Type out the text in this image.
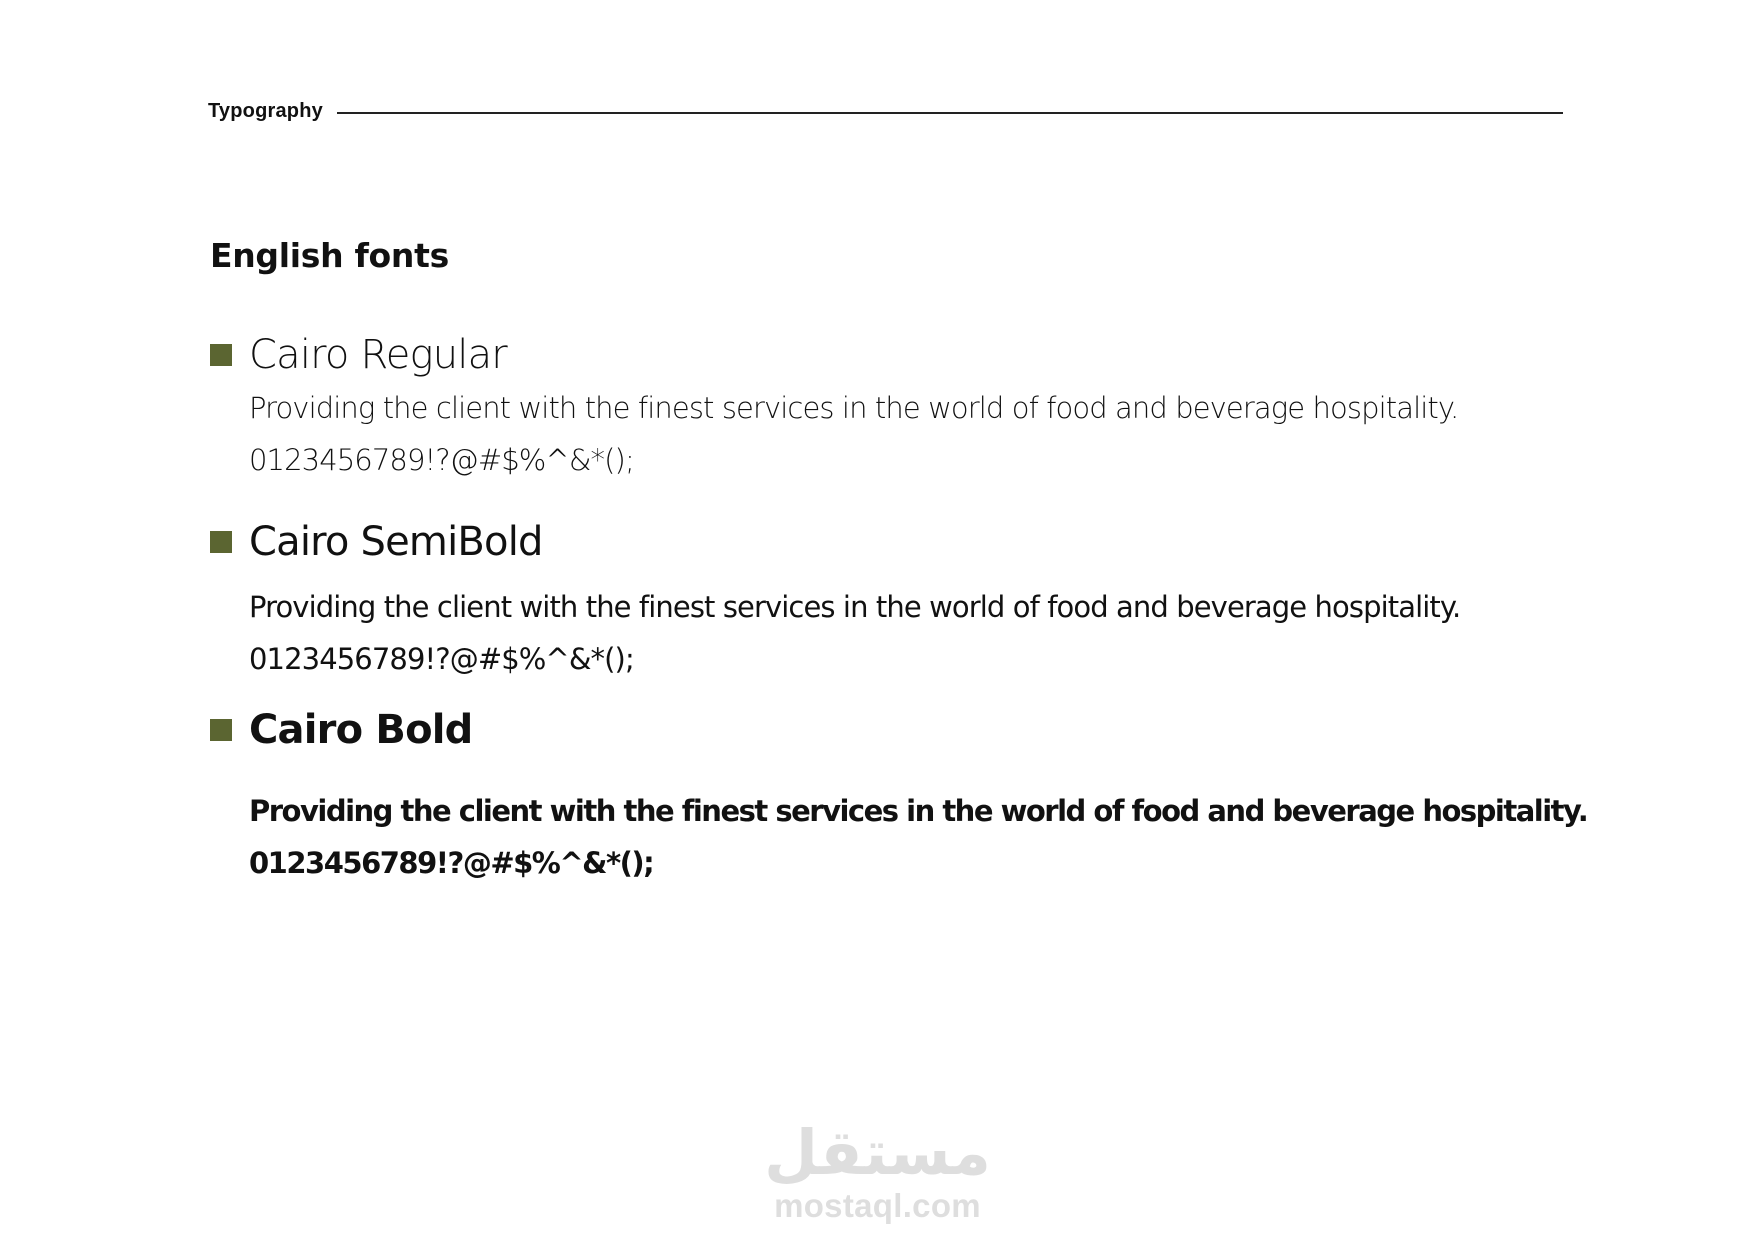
Typography
English fonts
Cairo Regular
Providing the client with the finest services in the world of food and beverage hospitality.
0123456789!?@#$%^&*();
Cairo SemiBold
Providing the client with the finest services in the world of food and beverage hospitality.
0123456789!?@#$%^&*();
Cairo Bold
Providing the client with the finest services in the world of food and beverage hospitality.
0123456789!?@#$%^&*();
مستقل
mostaql.com
